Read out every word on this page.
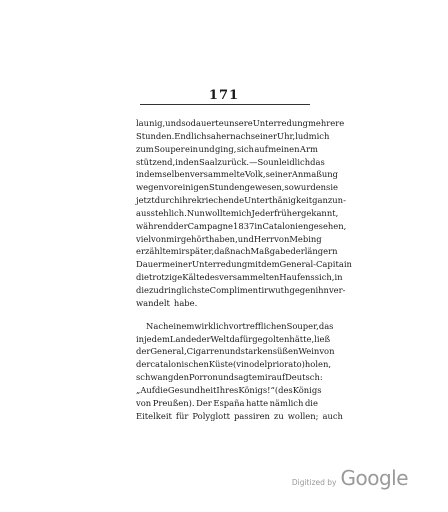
171
launig, und so dauerte unsere Unterredung mehrere
Stunden. Endlich sah er nach seiner Uhr, lud mich
zum Souper ein und ging, sich auf meinen Arm
stützend, in den Saal zurück. — So unleidlich das
in demselben versammelte Volk, seiner Anmaßung
wegen vor einigen Stunden gewesen, so wurden sie
jetzt durch ihre kriechende Unterthänigkeit ganz un-
ausstehlich. Nun wollte mich Jeder früher gekannt,
während der Campagne 1837 in Catalonien gesehen,
viel von mir gehört haben, und Herr von Mebing
erzählte mir später, daß nach Maßgabe der längern
Dauer meiner Unterredung mit dem General-Capitain
die trotzige Kälte des versammelten Haufens sich, in
die zudringlichste Complimentirwuth gegen ihn ver-
wandelt habe.
Nach einem wirklich vortrefflichen Souper, das
in jedem Lande der Welt dafür gegolten hätte, ließ
der General, Cigarren und starken süßen Wein von
der catalonischen Küste (vino del priorato) holen,
schwang den Porron und sagte mir auf Deutsch:
„Auf die Gesundheit Ihres Königs!“ (des Königs
von Preußen). Der España hatte nämlich die
Eitelkeit für Polyglott passiren zu wollen; auch
Digitized by Google
